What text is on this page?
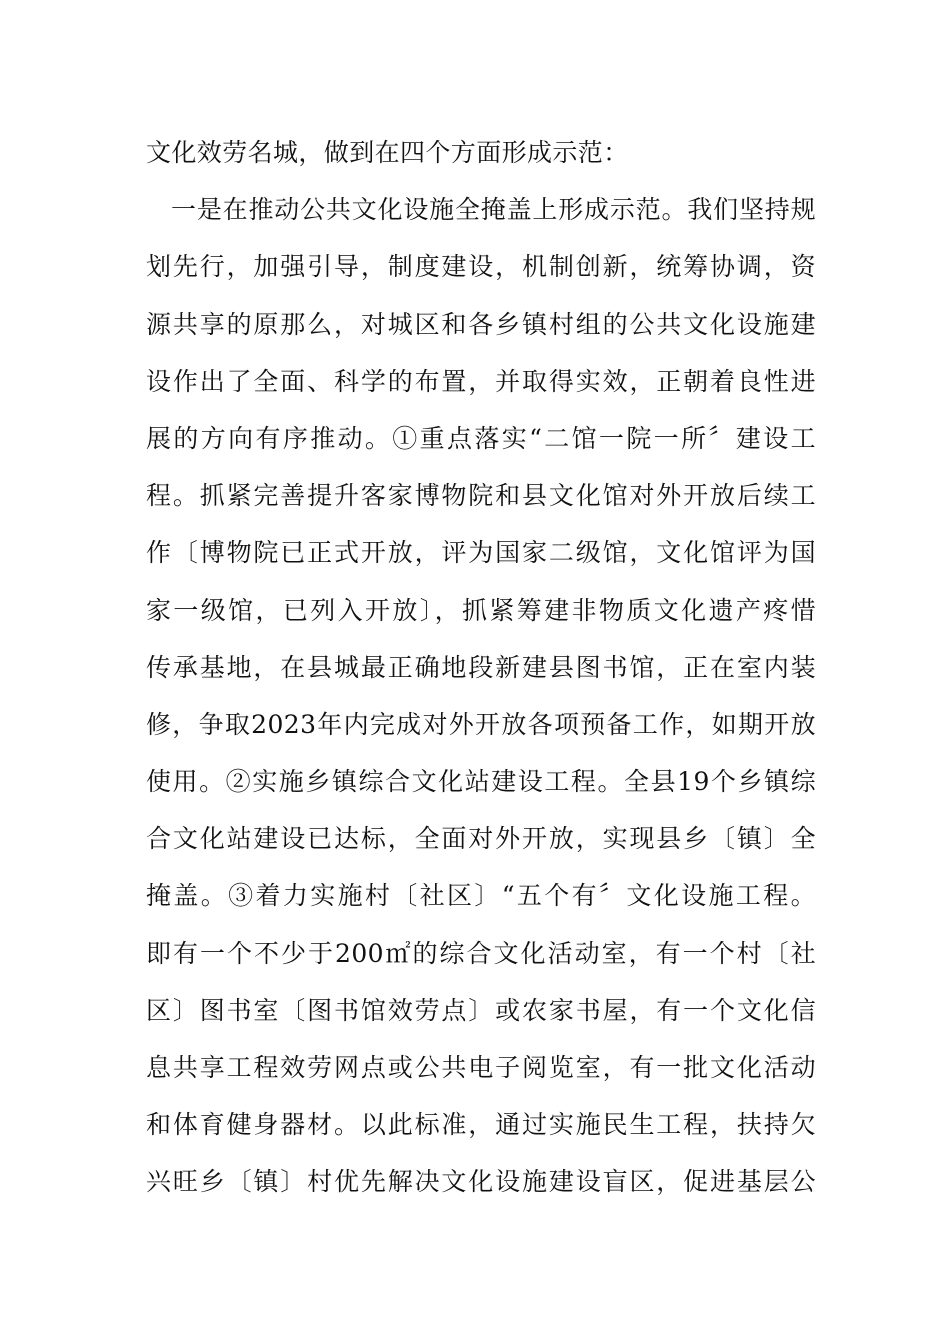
文化效劳名城，做到在四个方面形成示范：
一是在推动公共文化设施全掩盖上形成示范。我们坚持规
划先行，加强引导，制度建设，机制创新，统筹协调，资
源共享的原那么，对城区和各乡镇村组的公共文化设施建
设作出了全面、科学的布置，并取得实效，正朝着良性进
展的方向有序推动。①重点落实“二馆一院一所〞建设工
程。抓紧完善提升客家博物院和县文化馆对外开放后续工
作〔博物院已正式开放，评为国家二级馆，文化馆评为国
家一级馆，已列入开放〕，抓紧筹建非物质文化遗产疼惜
传承基地，在县城最正确地段新建县图书馆，正在室内装
修，争取2023年内完成对外开放各项预备工作，如期开放
使用。②实施乡镇综合文化站建设工程。全县19个乡镇综
合文化站建设已达标，全面对外开放，实现县乡〔镇〕全
掩盖。③着力实施村〔社区〕“五个有〞文化设施工程。
即有一个不少于200㎡的综合文化活动室，有一个村〔社
区〕图书室〔图书馆效劳点〕或农家书屋，有一个文化信
息共享工程效劳网点或公共电子阅览室，有一批文化活动
和体育健身器材。以此标准，通过实施民生工程，扶持欠
兴旺乡〔镇〕村优先解决文化设施建设盲区，促进基层公
